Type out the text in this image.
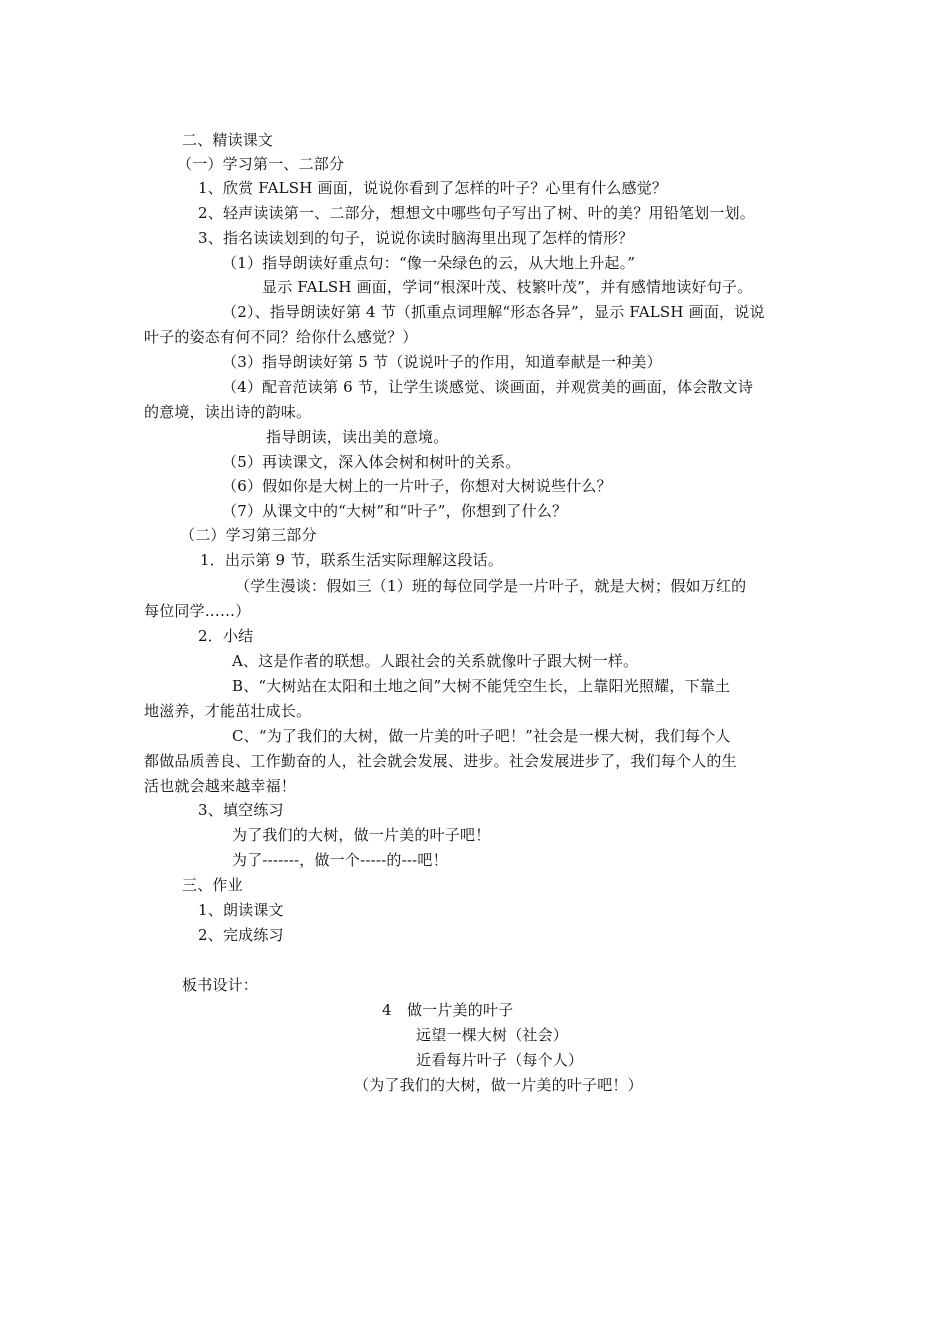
二、精读课文
（一）学习第一、二部分
1、欣赏 FALSH 画面，说说你看到了怎样的叶子？心里有什么感觉？
2、轻声读读第一、二部分，想想文中哪些句子写出了树、叶的美？用铅笔划一划。
3、指名读读划到的句子，说说你读时脑海里出现了怎样的情形？
（1）指导朗读好重点句：“像一朵绿色的云，从大地上升起。”
显示 FALSH 画面，学词“根深叶茂、枝繁叶茂”，并有感情地读好句子。
（2）、指导朗读好第 4 节（抓重点词理解“形态各异”，显示 FALSH 画面，说说
叶子的姿态有何不同？给你什么感觉？）
（3）指导朗读好第 5 节（说说叶子的作用，知道奉献是一种美）
（4）配音范读第 6 节，让学生谈感觉、谈画面，并观赏美的画面，体会散文诗
的意境，读出诗的韵味。
指导朗读，读出美的意境。
（5）再读课文，深入体会树和树叶的关系。
（6）假如你是大树上的一片叶子，你想对大树说些什么？
（7）从课文中的“大树”和“叶子”，你想到了什么？
（二）学习第三部分
1．出示第 9 节，联系生活实际理解这段话。
（学生漫谈：假如三（1）班的每位同学是一片叶子，就是大树；假如万红的
每位同学……）
2．小结
A、这是作者的联想。人跟社会的关系就像叶子跟大树一样。
B、“大树站在太阳和土地之间”大树不能凭空生长，上靠阳光照耀，下靠土
地滋养，才能茁壮成长。
C、“为了我们的大树，做一片美的叶子吧！”社会是一棵大树，我们每个人
都做品质善良、工作勤奋的人，社会就会发展、进步。社会发展进步了，我们每个人的生
活也就会越来越幸福！
3、填空练习
为了我们的大树，做一片美的叶子吧！
为了-------，做一个-----的---吧！
三、作业
1、朗读课文
2、完成练习
板书设计：
4　做一片美的叶子
远望一棵大树（社会）
近看每片叶子（每个人）
（为了我们的大树，做一片美的叶子吧！）
